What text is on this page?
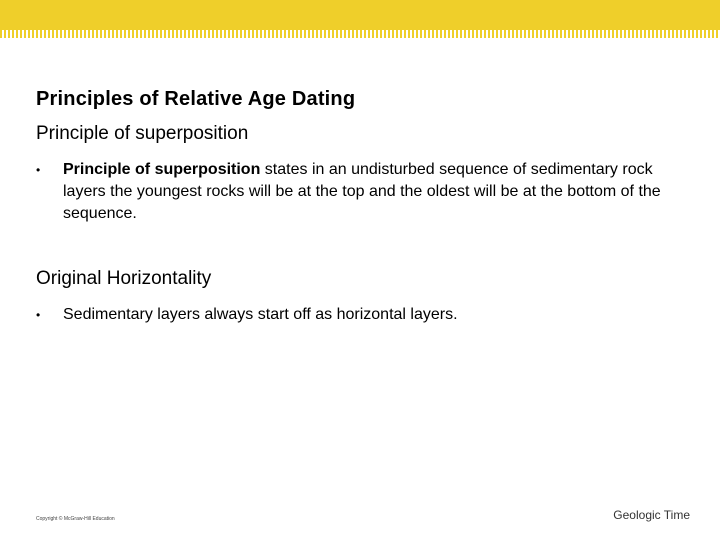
Principles of Relative Age Dating
Principle of superposition
•	Principle of superposition states in an undisturbed sequence of sedimentary rock layers the youngest rocks will be at the top and the oldest will be at the bottom of the sequence.
Original Horizontality
•	Sedimentary layers always start off as horizontal layers.
Copyright © McGraw-Hill Education	Geologic Time
